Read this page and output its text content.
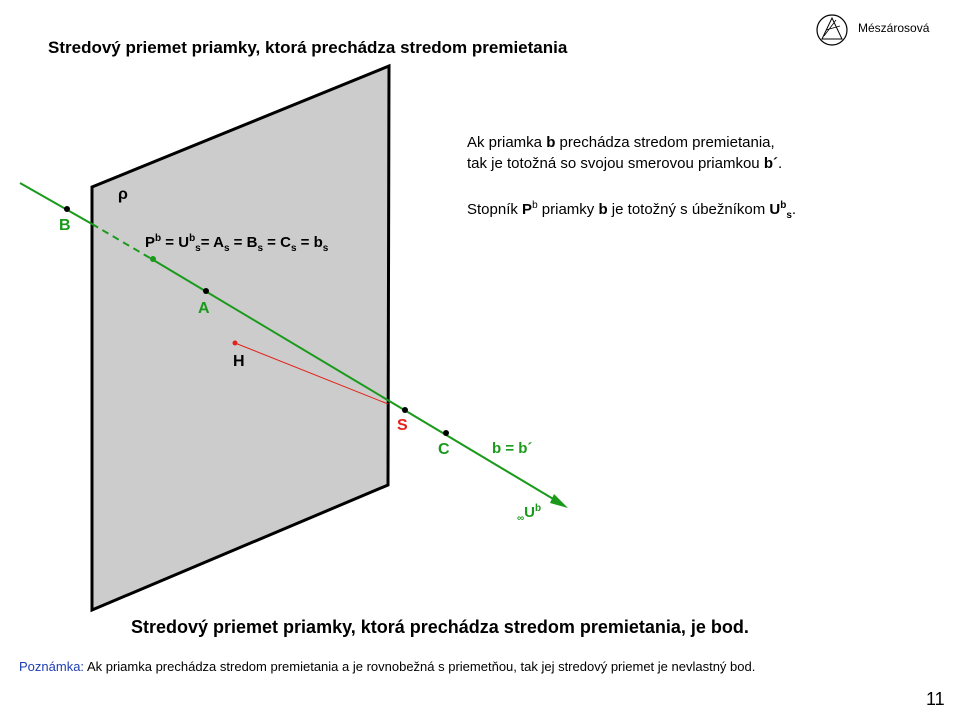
Stredový priemet priamky, ktorá prechádza stredom premietania
Mészárosová
Ak priamka b prechádza stredom premietania,
tak je totožná so svojou smerovou priamkou b´.
Stopník $P^b$ priamky b je totožný s úbežníkom $U^b_s$.
ρ
B
A
H
S
C	b = b´
$_\infty U^b$
$P^b = U^b_s= A_s = B_s = C_s = b_s$
Stredový priemet priamky, ktorá prechádza stredom premietania, je bod.
Poznámka: Ak priamka prechádza stredom premietania a je rovnobežná s priemetňou, tak jej stredový priemet je nevlastný bod.
11
